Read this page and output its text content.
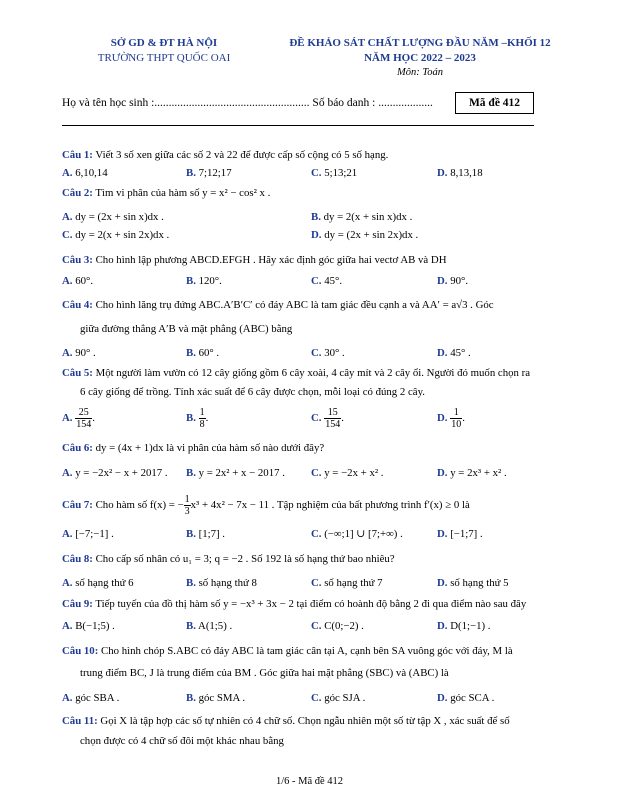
SỞ GD & ĐT HÀ NỘI
TRƯỜNG THPT QUỐC OAI
ĐỀ KHẢO SÁT CHẤT LƯỢNG ĐẦU NĂM –KHỐI 12
NĂM HỌC 2022 – 2023
Môn: Toán
Họ và tên học sinh :...................................................... Số báo danh : ...................	Mã đề 412
Câu 1: Viết 3 số xen giữa các số 2 và 22 để được cấp số cộng có 5 số hạng.
A. 6,10,14	B. 7;12;17	C. 5;13;21	D. 8,13,18
Câu 2: Tìm vi phân của hàm số y = x² − cos² x .
A. dy = (2x + sin x)dx .	B. dy = 2(x + sin x)dx .
C. dy = 2(x + sin 2x)dx .	D. dy = (2x + sin 2x)dx .
Câu 3: Cho hình lập phương ABCD.EFGH . Hãy xác định góc giữa hai vectơ AB và DH
A. 60°.	B. 120°.	C. 45°.	D. 90°.
Câu 4: Cho hình lăng trụ đứng ABC.A′B′C′ có đáy ABC là tam giác đều cạnh a và AA′ = a√3 . Góc
giữa đường thẳng A′B và mặt phẳng (ABC) bằng
A. 90° .	B. 60° .	C. 30° .	D. 45° .
Câu 5: Một người làm vườn có 12 cây giống gồm 6 cây xoài, 4 cây mít và 2 cây ổi. Người đó muốn chọn ra
6 cây giống để trồng. Tính xác suất để 6 cây được chọn, mỗi loại có đúng 2 cây.
A. $\frac{25}{154}$ .	B. $\frac{1}{8}$ .	C. $\frac{15}{154}$ .	D. $\frac{1}{10}$ .
Câu 6: dy = (4x + 1)dx là vi phân của hàm số nào dưới đây?
A. y = −2x² − x + 2017 . B. y = 2x² + x − 2017 . C. y = −2x + x² .	D. y = 2x³ + x² .
Câu 7: Cho hàm số f(x) = − $\frac{1}{3} x^3 + 4x^2 - 7x - 11$ . Tập nghiệm của bất phương trình f′(x) ≥ 0 là
A. [−7;−1] .	B. [1;7] .	C. (−∞;1] ∪ [7;+∞) .	D. [−1;7] .
Câu 8: Cho cấp số nhân có u₁ = 3; q = −2 . Số 192 là số hạng thứ bao nhiêu?
A. số hạng thứ 6	B. số hạng thứ 8	C. số hạng thứ 7	D. số hạng thứ 5
Câu 9: Tiếp tuyến của đồ thị hàm số y = −x³ + 3x − 2 tại điểm có hoành độ bằng 2 đi qua điểm nào sau đây
A. B(−1;5) .	B. A(1;5) .	C. C(0;−2) .	D. D(1;−1) .
Câu 10: Cho hình chóp S.ABC có đáy ABC là tam giác cân tại A, cạnh bên SA vuông góc với đáy, M là
trung điểm BC, J là trung điểm của BM . Góc giữa hai mặt phẳng (SBC) và (ABC) là
A. góc SBA .	B. góc SMA .	C. góc SJA .	D. góc SCA .
Câu 11: Gọi X là tập hợp các số tự nhiên có 4 chữ số. Chọn ngẫu nhiên một số từ tập X , xác suất để số
chọn được có 4 chữ số đôi một khác nhau bằng
1/6 - Mã đề 412
